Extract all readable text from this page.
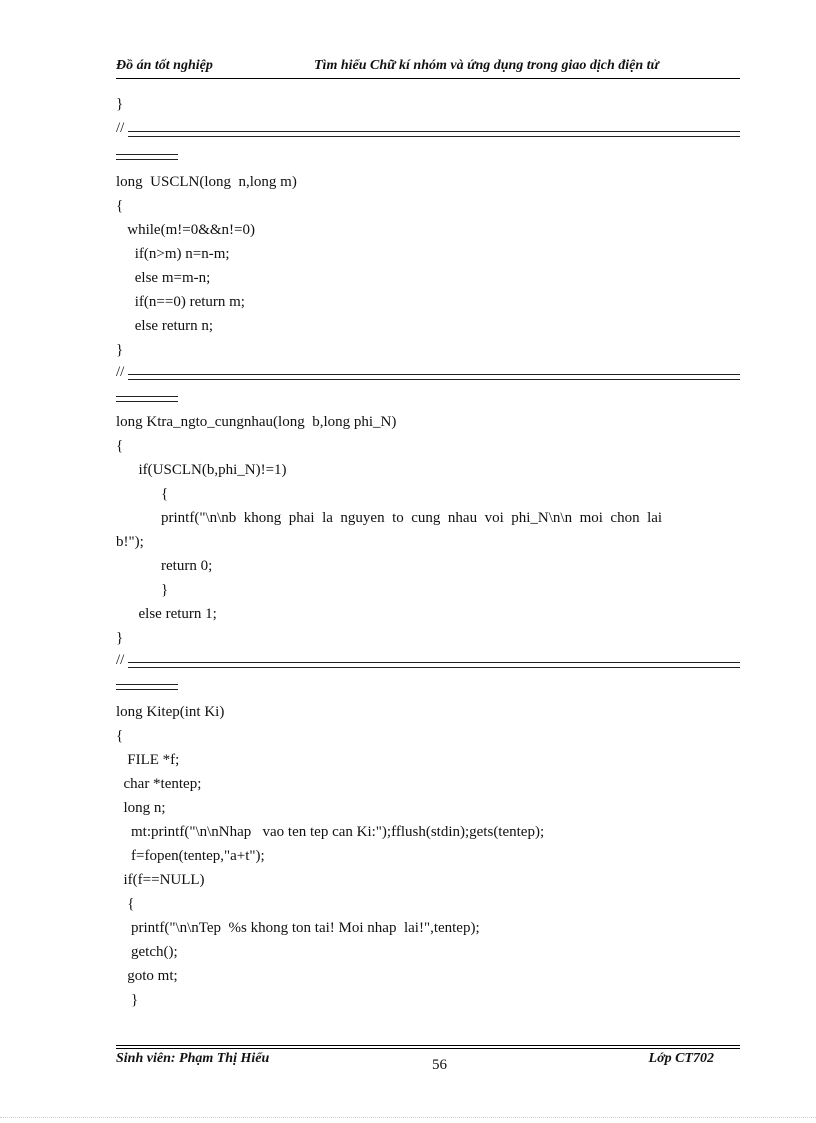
Đồ án tốt nghiệp	Tìm hiểu Chữ kí nhóm và ứng dụng trong giao dịch điện tử
}
//
long  USCLN(long  n,long m)
{
while(m!=0&&n!=0)
if(n>m) n=n-m;
else m=m-n;
if(n==0) return m;
else return n;
}
//
long Ktra_ngto_cungnhau(long  b,long phi_N)
{
if(USCLN(b,phi_N)!=1)
{
printf("\n\nb  khong  phai  la  nguyen  to  cung  nhau  voi  phi_N\n\n  moi  chon  lai
b!");
return 0;
}
else return 1;
}
//
long Kitep(int Ki)
{
FILE *f;
char *tentep;
long n;
mt:printf("\n\nNhap   vao ten tep can Ki:");fflush(stdin);gets(tentep);
f=fopen(tentep,"a+t");
if(f==NULL)
{
printf("\n\nTep  %s khong ton tai! Moi nhap  lai!",tentep);
getch();
goto mt;
}
Sinh viên: Phạm Thị Hiểu	56	Lớp CT702
